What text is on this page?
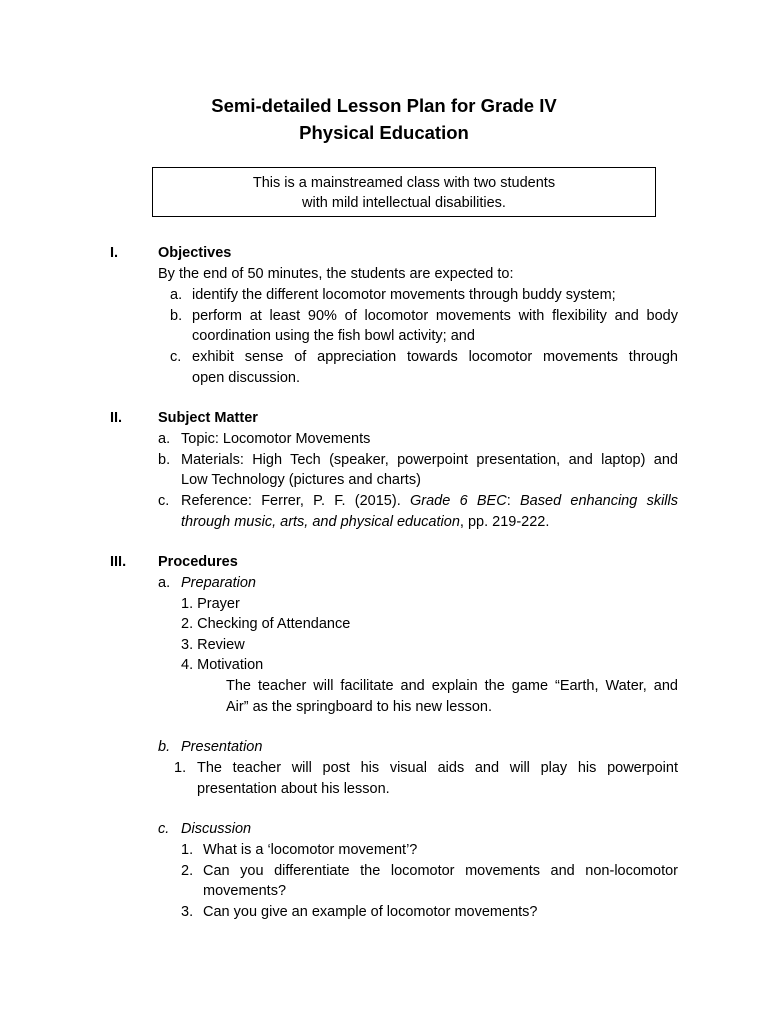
Semi-detailed Lesson Plan for Grade IV
Physical Education
This is a mainstreamed class with two students
with mild intellectual disabilities.
I.	Objectives
By the end of 50 minutes, the students are expected to:
a. identify the different locomotor movements through buddy system;
b. perform at least 90% of locomotor movements with flexibility and body
coordination using the fish bowl activity; and
c. exhibit sense of appreciation towards locomotor movements through
open discussion.
II. Subject Matter
a. Topic: Locomotor Movements
b. Materials: High Tech (speaker, powerpoint presentation, and laptop) and
Low Technology (pictures and charts)
c. Reference: Ferrer, P. F. (2015). Grade 6 BEC: Based enhancing skills
through music, arts, and physical education, pp. 219-222.
III. Procedures
a. Preparation
1. Prayer
2. Checking of Attendance
3. Review
4. Motivation
The teacher will facilitate and explain the game “Earth, Water, and
Air” as the springboard to his new lesson.
b. Presentation
1. The teacher will post his visual aids and will play his powerpoint
presentation about his lesson.
c. Discussion
1. What is a ‘locomotor movement’?
2. Can you differentiate the locomotor movements and non-locomotor
movements?
3. Can you give an example of locomotor movements?
